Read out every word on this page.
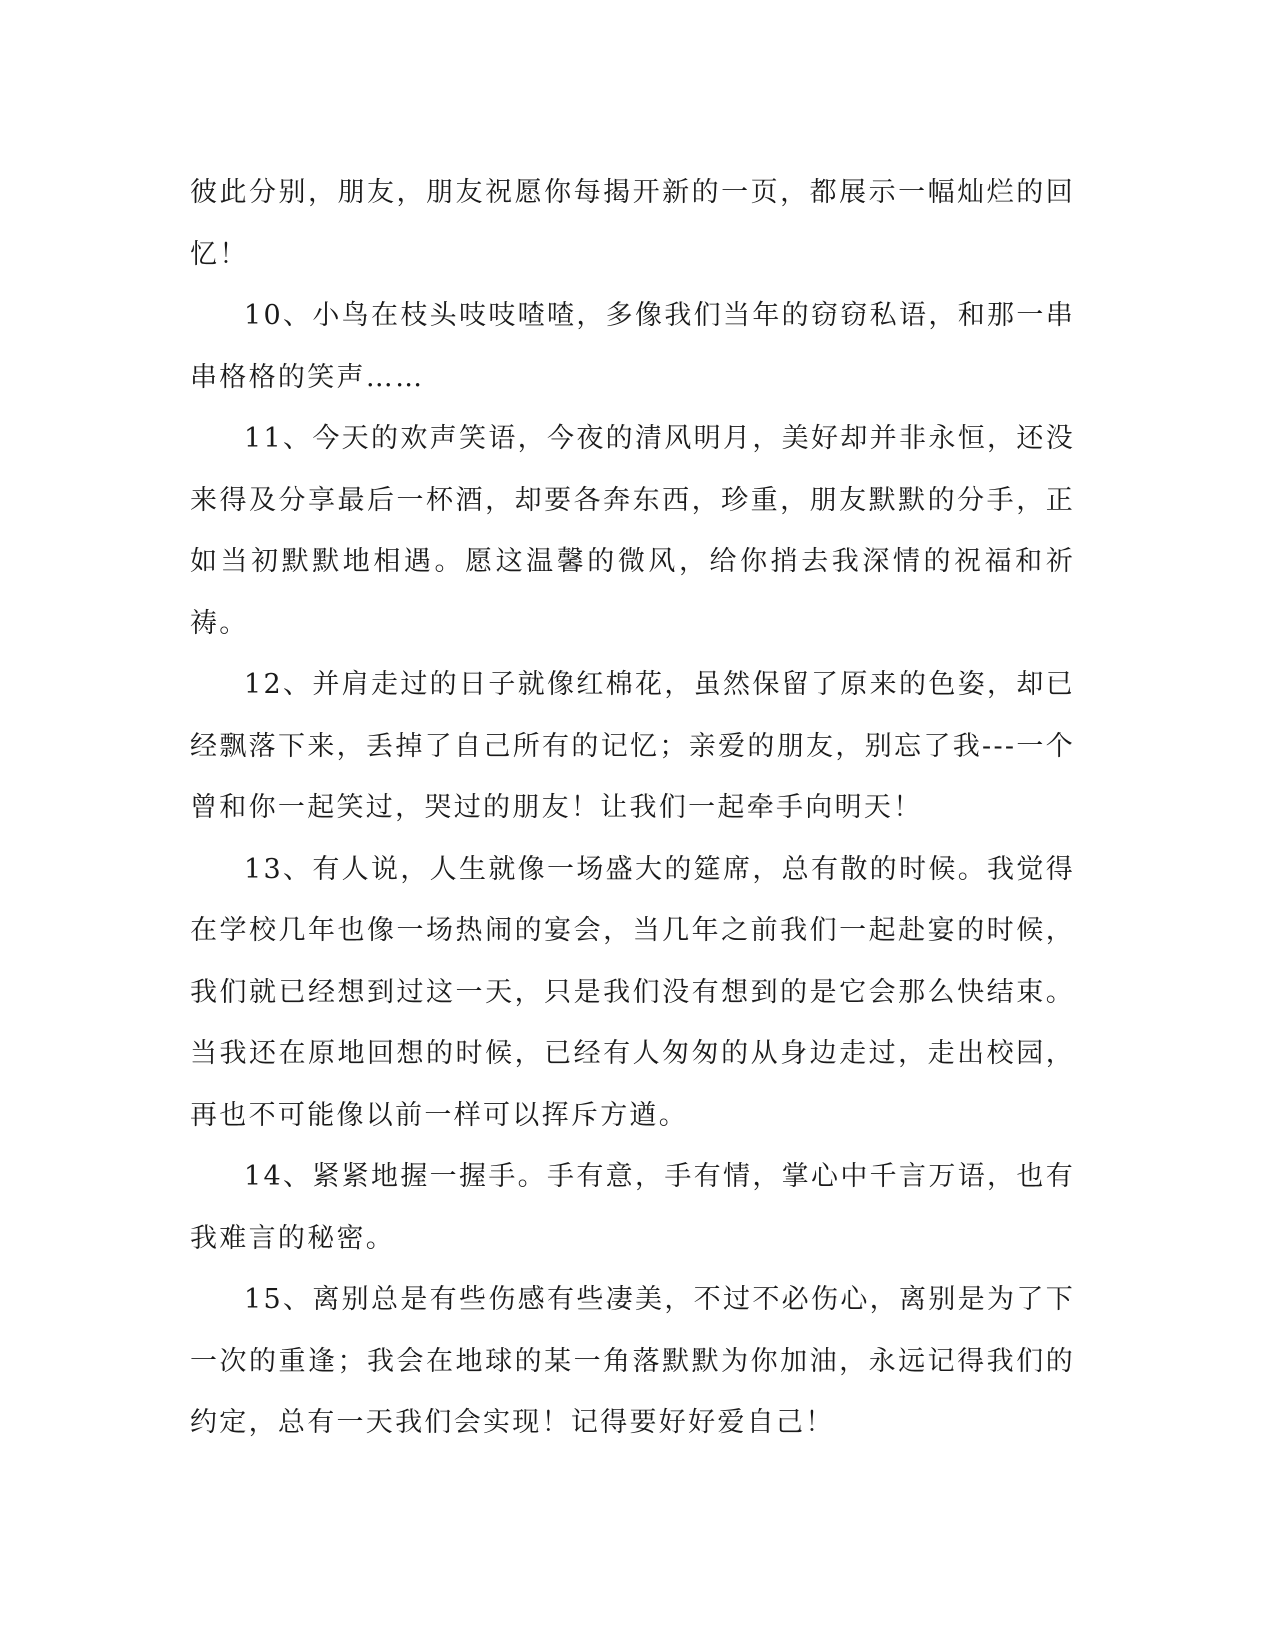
彼此分别，朋友，朋友祝愿你每揭开新的一页，都展示一幅灿烂的回忆！

10、小鸟在枝头吱吱喳喳，多像我们当年的窃窃私语，和那一串串格格的笑声……

11、今天的欢声笑语，今夜的清风明月，美好却并非永恒，还没来得及分享最后一杯酒，却要各奔东西，珍重，朋友默默的分手，正如当初默默地相遇。愿这温馨的微风，给你捎去我深情的祝福和祈祷。

12、并肩走过的日子就像红棉花，虽然保留了原来的色姿，却已经飘落下来，丢掉了自己所有的记忆；亲爱的朋友，别忘了我---一个曾和你一起笑过，哭过的朋友！让我们一起牵手向明天！

13、有人说，人生就像一场盛大的筵席，总有散的时候。我觉得在学校几年也像一场热闹的宴会，当几年之前我们一起赴宴的时候，我们就已经想到过这一天，只是我们没有想到的是它会那么快结束。当我还在原地回想的时候，已经有人匆匆的从身边走过，走出校园，再也不可能像以前一样可以挥斥方遒。

14、紧紧地握一握手。手有意，手有情，掌心中千言万语，也有我难言的秘密。

15、离别总是有些伤感有些凄美，不过不必伤心，离别是为了下一次的重逢；我会在地球的某一角落默默为你加油，永远记得我们的约定，总有一天我们会实现！记得要好好爱自己！
